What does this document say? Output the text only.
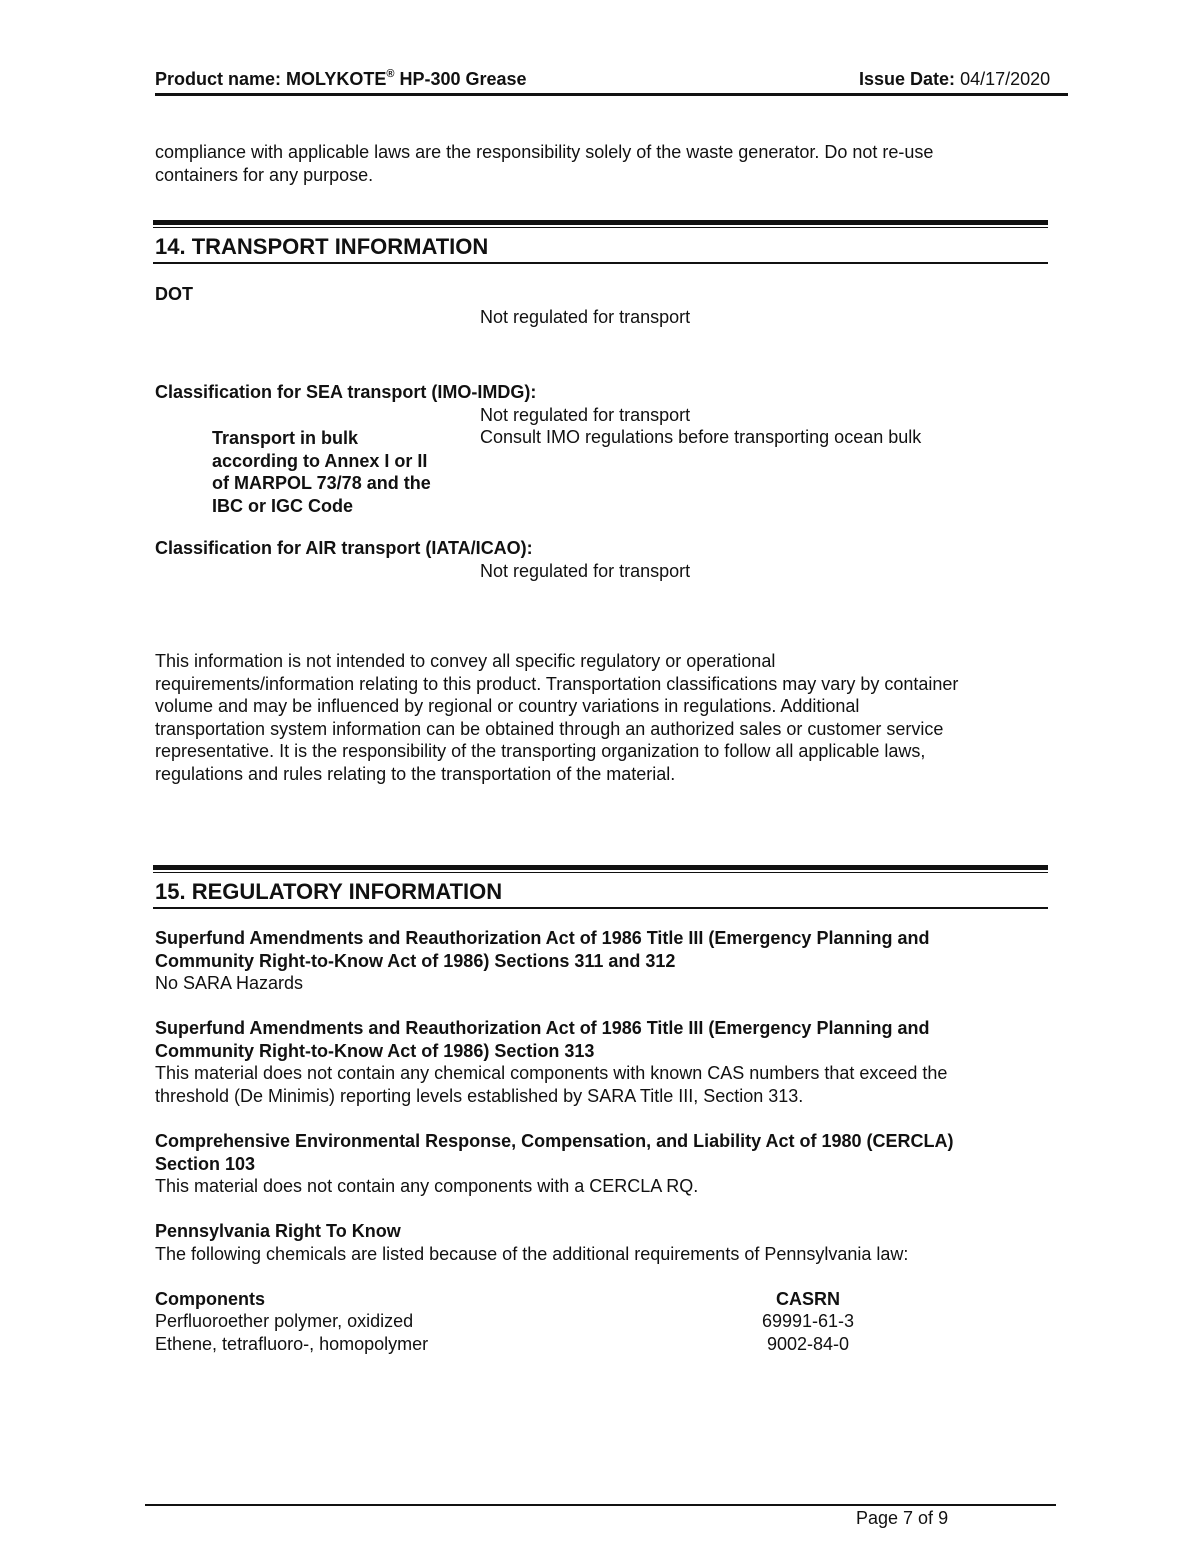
Product name: MOLYKOTE® HP-300 Grease	Issue Date: 04/17/2020
compliance with applicable laws are the responsibility solely of the waste generator. Do not re-use
containers for any purpose.
14. TRANSPORT INFORMATION
DOT
Not regulated for transport
Classification for SEA transport (IMO-IMDG):
Not regulated for transport
Transport in bulk
according to Annex I or II
of MARPOL 73/78 and the
IBC or IGC Code
Consult IMO regulations before transporting ocean bulk
Classification for AIR transport (IATA/ICAO):
Not regulated for transport
This information is not intended to convey all specific regulatory or operational
requirements/information relating to this product. Transportation classifications may vary by container
volume and may be influenced by regional or country variations in regulations. Additional
transportation system information can be obtained through an authorized sales or customer service
representative. It is the responsibility of the transporting organization to follow all applicable laws,
regulations and rules relating to the transportation of the material.
15. REGULATORY INFORMATION
Superfund Amendments and Reauthorization Act of 1986 Title III (Emergency Planning and
Community Right-to-Know Act of 1986) Sections 311 and 312
No SARA Hazards
Superfund Amendments and Reauthorization Act of 1986 Title III (Emergency Planning and
Community Right-to-Know Act of 1986) Section 313
This material does not contain any chemical components with known CAS numbers that exceed the
threshold (De Minimis) reporting levels established by SARA Title III, Section 313.
Comprehensive Environmental Response, Compensation, and Liability Act of 1980 (CERCLA)
Section 103
This material does not contain any components with a CERCLA RQ.
Pennsylvania Right To Know
The following chemicals are listed because of the additional requirements of Pennsylvania law:
Components	CASRN
Perfluoroether polymer, oxidized	69991-61-3
Ethene, tetrafluoro-, homopolymer	9002-84-0
Page 7 of 9
